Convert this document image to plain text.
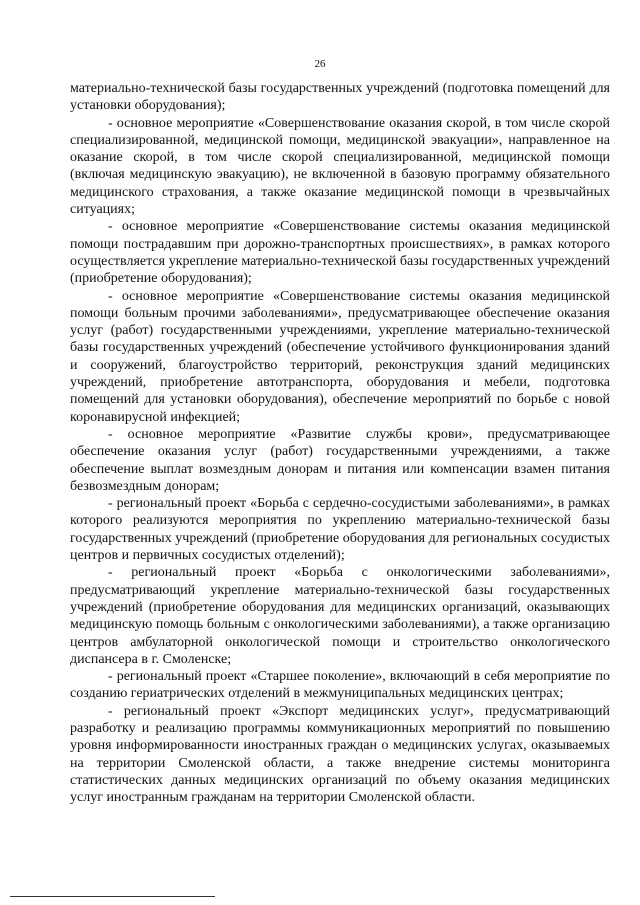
26

материально-технической базы государственных учреждений (подготовка помещений для установки оборудования);

- основное мероприятие «Совершенствование оказания скорой, в том числе скорой специализированной, медицинской помощи, медицинской эвакуации», направленное на оказание скорой, в том числе скорой специализированной, медицинской помощи (включая медицинскую эвакуацию), не включенной в базовую программу обязательного медицинского страхования, а также оказание медицинской помощи в чрезвычайных ситуациях;

- основное мероприятие «Совершенствование системы оказания медицинской помощи пострадавшим при дорожно-транспортных происшествиях», в рамках которого осуществляется укрепление материально-технической базы государственных учреждений (приобретение оборудования);

- основное мероприятие «Совершенствование системы оказания медицинской помощи больным прочими заболеваниями», предусматривающее обеспечение оказания услуг (работ) государственными учреждениями, укрепление материально-технической базы государственных учреждений (обеспечение устойчивого функционирования зданий и сооружений, благоустройство территорий, реконструкция зданий медицинских учреждений, приобретение автотранспорта, оборудования и мебели, подготовка помещений для установки оборудования), обеспечение мероприятий по борьбе с новой коронавирусной инфекцией;

- основное мероприятие «Развитие службы крови», предусматривающее обеспечение оказания услуг (работ) государственными учреждениями, а также обеспечение выплат возмездным донорам и питания или компенсации взамен питания безвозмездным донорам;

- региональный проект «Борьба с сердечно-сосудистыми заболеваниями», в рамках которого реализуются мероприятия по укреплению материально-технической базы государственных учреждений (приобретение оборудования для региональных сосудистых центров и первичных сосудистых отделений);

- региональный проект «Борьба с онкологическими заболеваниями», предусматривающий укрепление материально-технической базы государственных учреждений (приобретение оборудования для медицинских организаций, оказывающих медицинскую помощь больным с онкологическими заболеваниями), а также организацию центров амбулаторной онкологической помощи и строительство онкологического диспансера в г. Смоленске;

- региональный проект «Старшее поколение», включающий в себя мероприятие по созданию гериатрических отделений в межмуниципальных медицинских центрах;

- региональный проект «Экспорт медицинских услуг», предусматривающий разработку и реализацию программы коммуникационных мероприятий по повышению уровня информированности иностранных граждан о медицинских услугах, оказываемых на территории Смоленской области, а также внедрение системы мониторинга статистических данных медицинских организаций по объему оказания медицинских услуг иностранным гражданам на территории Смоленской области.
